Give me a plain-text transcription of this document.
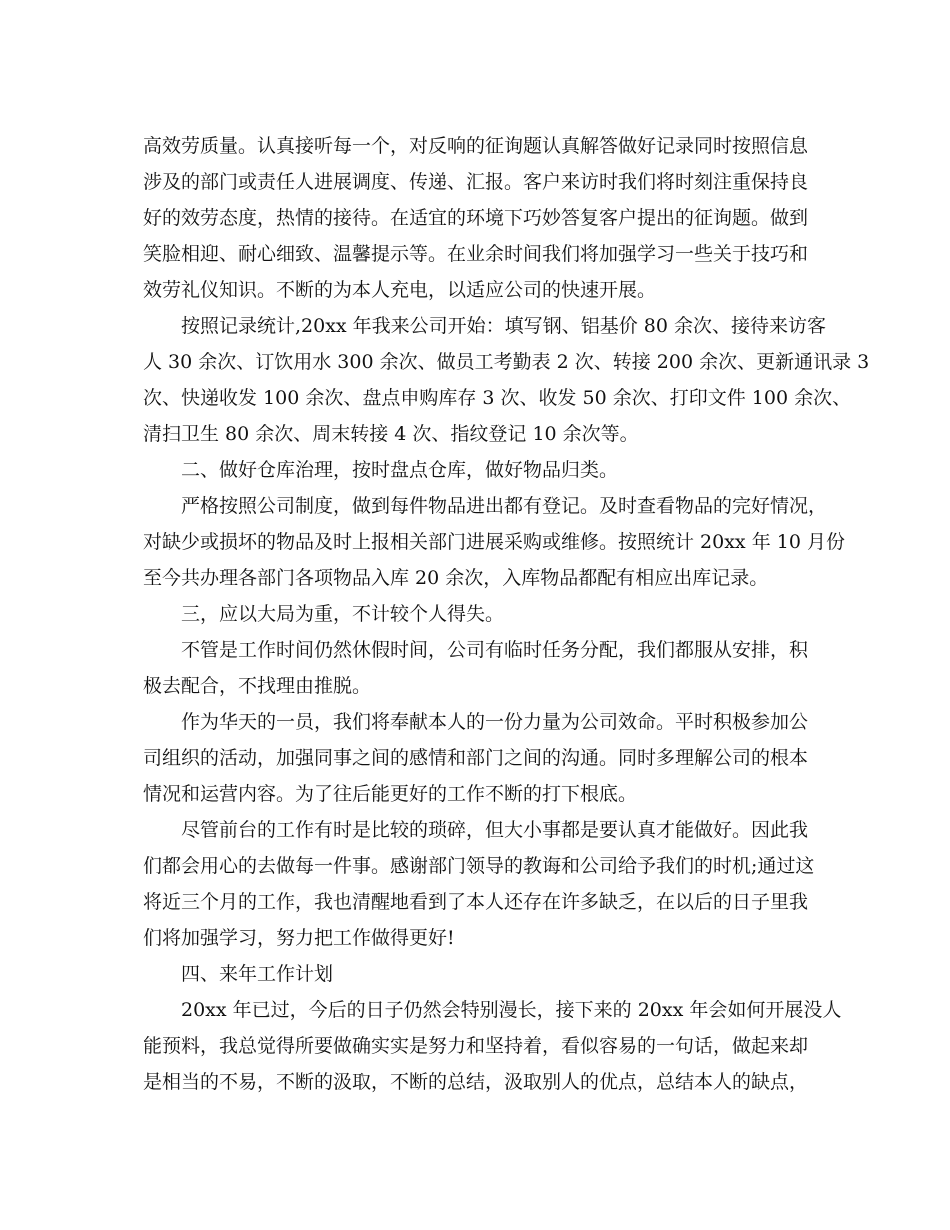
高效劳质量。认真接听每一个，对反响的征询题认真解答做好记录同时按照信息
涉及的部门或责任人进展调度、传递、汇报。客户来访时我们将时刻注重保持良
好的效劳态度，热情的接待。在适宜的环境下巧妙答复客户提出的征询题。做到
笑脸相迎、耐心细致、温馨提示等。在业余时间我们将加强学习一些关于技巧和
效劳礼仪知识。不断的为本人充电，以适应公司的快速开展。
按照记录统计,20xx 年我来公司开始：填写钢、铝基价 80 余次、接待来访客
人 30 余次、订饮用水 300 余次、做员工考勤表 2 次、转接 200 余次、更新通讯录 3
次、快递收发 100 余次、盘点申购库存 3 次、收发 50 余次、打印文件 100 余次、
清扫卫生 80 余次、周末转接 4 次、指纹登记 10 余次等。
二、做好仓库治理，按时盘点仓库，做好物品归类。
严格按照公司制度，做到每件物品进出都有登记。及时查看物品的完好情况，
对缺少或损坏的物品及时上报相关部门进展采购或维修。按照统计 20xx 年 10 月份
至今共办理各部门各项物品入库 20 余次，入库物品都配有相应出库记录。
三，应以大局为重，不计较个人得失。
不管是工作时间仍然休假时间，公司有临时任务分配，我们都服从安排，积
极去配合，不找理由推脱。
作为华天的一员，我们将奉献本人的一份力量为公司效命。平时积极参加公
司组织的活动，加强同事之间的感情和部门之间的沟通。同时多理解公司的根本
情况和运营内容。为了往后能更好的工作不断的打下根底。
尽管前台的工作有时是比较的琐碎，但大小事都是要认真才能做好。因此我
们都会用心的去做每一件事。感谢部门领导的教诲和公司给予我们的时机;通过这
将近三个月的工作，我也清醒地看到了本人还存在许多缺乏，在以后的日子里我
们将加强学习，努力把工作做得更好!
四、来年工作计划
20xx 年已过，今后的日子仍然会特别漫长，接下来的 20xx 年会如何开展没人
能预料，我总觉得所要做确实实是努力和坚持着，看似容易的一句话，做起来却
是相当的不易，不断的汲取，不断的总结，汲取别人的优点，总结本人的缺点，
